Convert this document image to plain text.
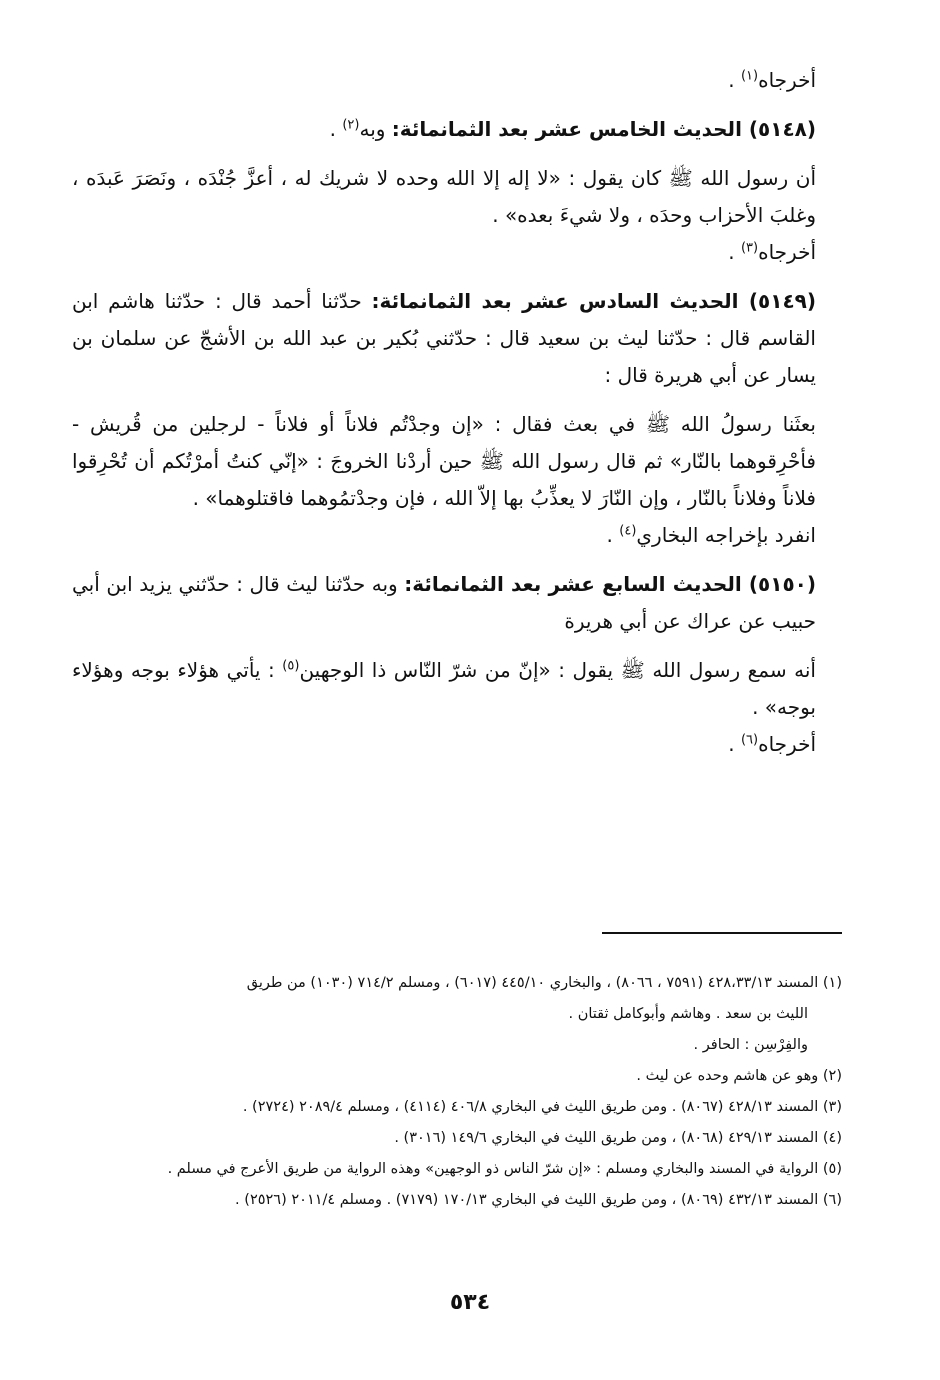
أخرجاه$^{(١)}$ .

(٥١٤٨) الحديث الخامس عشر بعد الثمانمائة: وبه$^{(٢)}$ .

أن رسول الله ﷺ كان يقول : «لا إله إلا الله وحده لا شريك له ، أعزَّ جُنْدَه ، ونَصَرَ عَبدَه ، وغلبَ الأحزاب وحدَه ، ولا شيءَ بعده» .

أخرجاه$^{(٣)}$ .

(٥١٤٩) الحديث السادس عشر بعد الثمانمائة: حدّثنا أحمد قال : حدّثنا هاشم ابن القاسم قال : حدّثنا ليث بن سعيد قال : حدّثني بُكير بن عبد الله بن الأشجّ عن سلمان بن يسار عن أبي هريرة قال :

بعثَنا رسولُ الله ﷺ في بعث فقال : «إن وجدْتُم فلاناً أو فلاناً - لرجلين من قُريش - فأحْرِقوهما بالنّار» ثم قال رسول الله ﷺ حين أردْنا الخروجَ : «إنّي كنتُ أمرْتُكم أن تُحْرِقوا فلاناً وفلاناً بالنّار ، وإن النّارَ لا يعذِّبُ بها إلاّ الله ، فإن وجدْتمُوهما فاقتلوهما» .

انفرد بإخراجه البخاري$^{(٤)}$ .

(٥١٥٠) الحديث السابع عشر بعد الثمانمائة: وبه حدّثنا ليث قال : حدّثني يزيد ابن أبي حبيب عن عراك عن أبي هريرة

أنه سمع رسول الله ﷺ يقول : «إنّ من شرّ النّاس ذا الوجهين$^{(٥)}$ : يأتي هؤلاء بوجه وهؤلاء بوجه» .

أخرجاه$^{(٦)}$ .

(١) المسند ٤٢٨،٣٣/١٣ (٧٥٩١ ، ٨٠٦٦) ، والبخاري ٤٤٥/١٠ (٦٠١٧) ، ومسلم ٧١٤/٢ (١٠٣٠) من طريق

الليث بن سعد . وهاشم وأبوكامل ثقتان .

والفِرْسِن : الحافر .

(٢) وهو عن هاشم وحده عن ليث .

(٣) المسند ٤٢٨/١٣ (٨٠٦٧) . ومن طريق الليث في البخاري ٤٠٦/٨ (٤١١٤) ، ومسلم ٢٠٨٩/٤ (٢٧٢٤) .

(٤) المسند ٤٢٩/١٣ (٨٠٦٨) ، ومن طريق الليث في البخاري ١٤٩/٦ (٣٠١٦) .

(٥) الرواية في المسند والبخاري ومسلم : «إن شرّ الناس ذو الوجهين» وهذه الرواية من طريق الأعرج في مسلم .

(٦) المسند ٤٣٢/١٣ (٨٠٦٩) ، ومن طريق الليث في البخاري ١٧٠/١٣ (٧١٧٩) . ومسلم ٢٠١١/٤ (٢٥٢٦) .

٥٣٤
